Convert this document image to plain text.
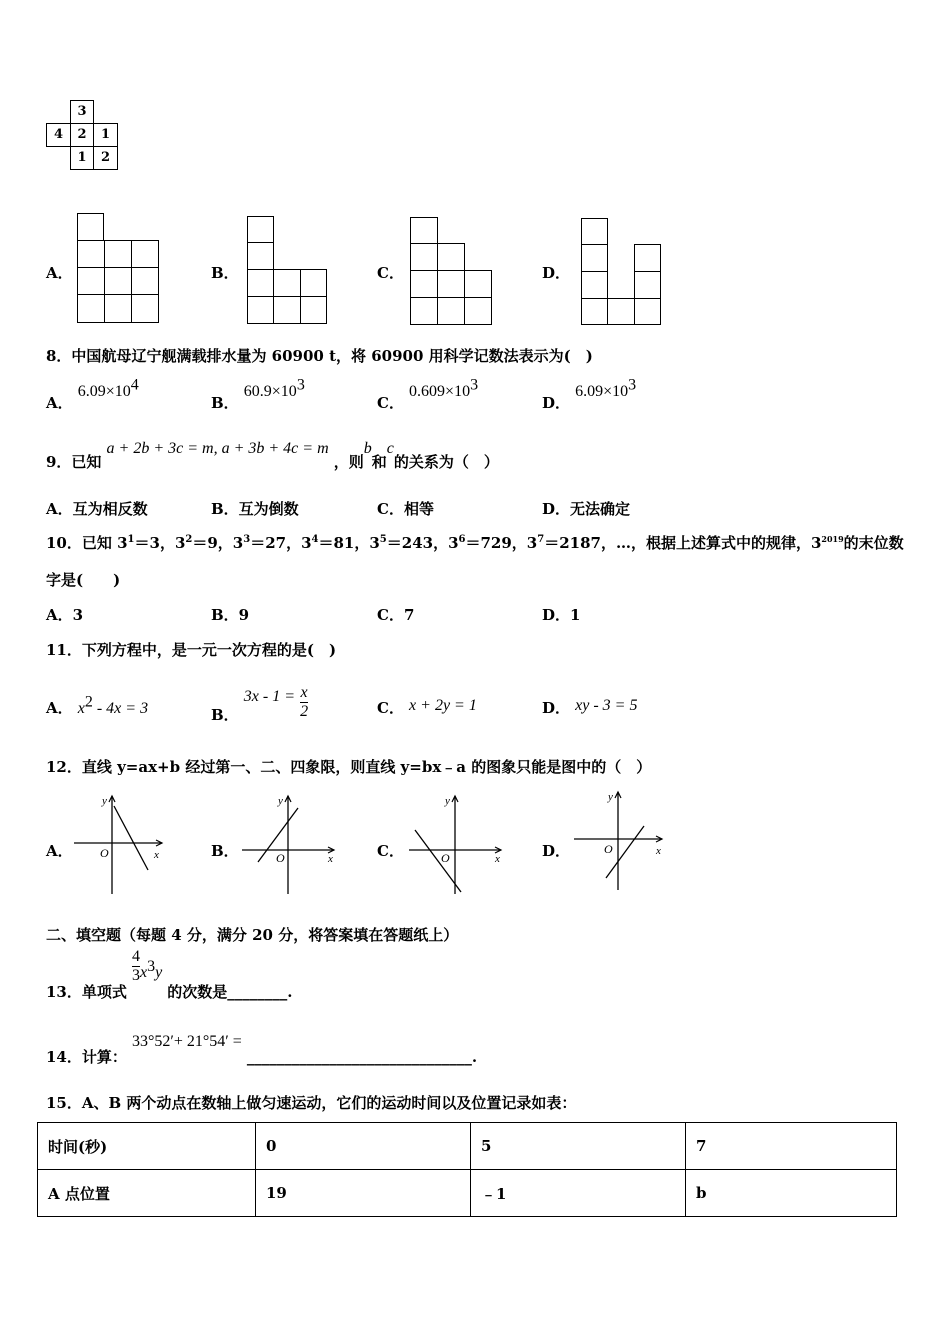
3
4	2	1
1	2
A．	B．	C．	D．
8．中国航母辽宁舰满载排水量为 60900 t，将 60900 用科学记数法表示为(　)
A． $6.09\times 10^4$
B． $60.9\times 10^3$
C． $0.609\times 10^3$
D． $6.09\times 10^3$
9．已知 a + 2b + 3c = m, a + 3b + 4c = m ，则b和c的关系为（　）
A．互为相反数	B．互为倒数	C．相等	D．无法确定
10．已知 $3^1=3$，$3^2=9$，$3^3=27$，$3^4=81$，$3^5=243$，$3^6=729$，$3^7=2187$，…，根据上述算式中的规律，$3^{2019}$的末位数
字是(　　)
A．3	B．9	C．7	D．1
11．下列方程中，是一元一次方程的是(　)
A． $x^2 - 4x = 3$	B． $3x - 1 = \frac{x}{2}$	C． x + 2y = 1	D． xy - 3 = 5
12．直线 y=ax+b 经过第一、二、四象限，则直线 y=bx﹣a 的图象只能是图中的（　）
A．
y
x
O	B．
y
x
O	C．
y
x
O	D．
y
x
O
二、填空题（每题 4 分，满分 20 分，将答案填在答题纸上）
13．单项式
$\frac{4}{3} x^3y$ 的次数是________.
14．计算： 33°52′+ 21°54′ = ______________________________.
15．A、B 两个动点在数轴上做匀速运动，它们的运动时间以及位置记录如表：
时间(秒)	0	5	7
A 点位置	19	﹣1	b
